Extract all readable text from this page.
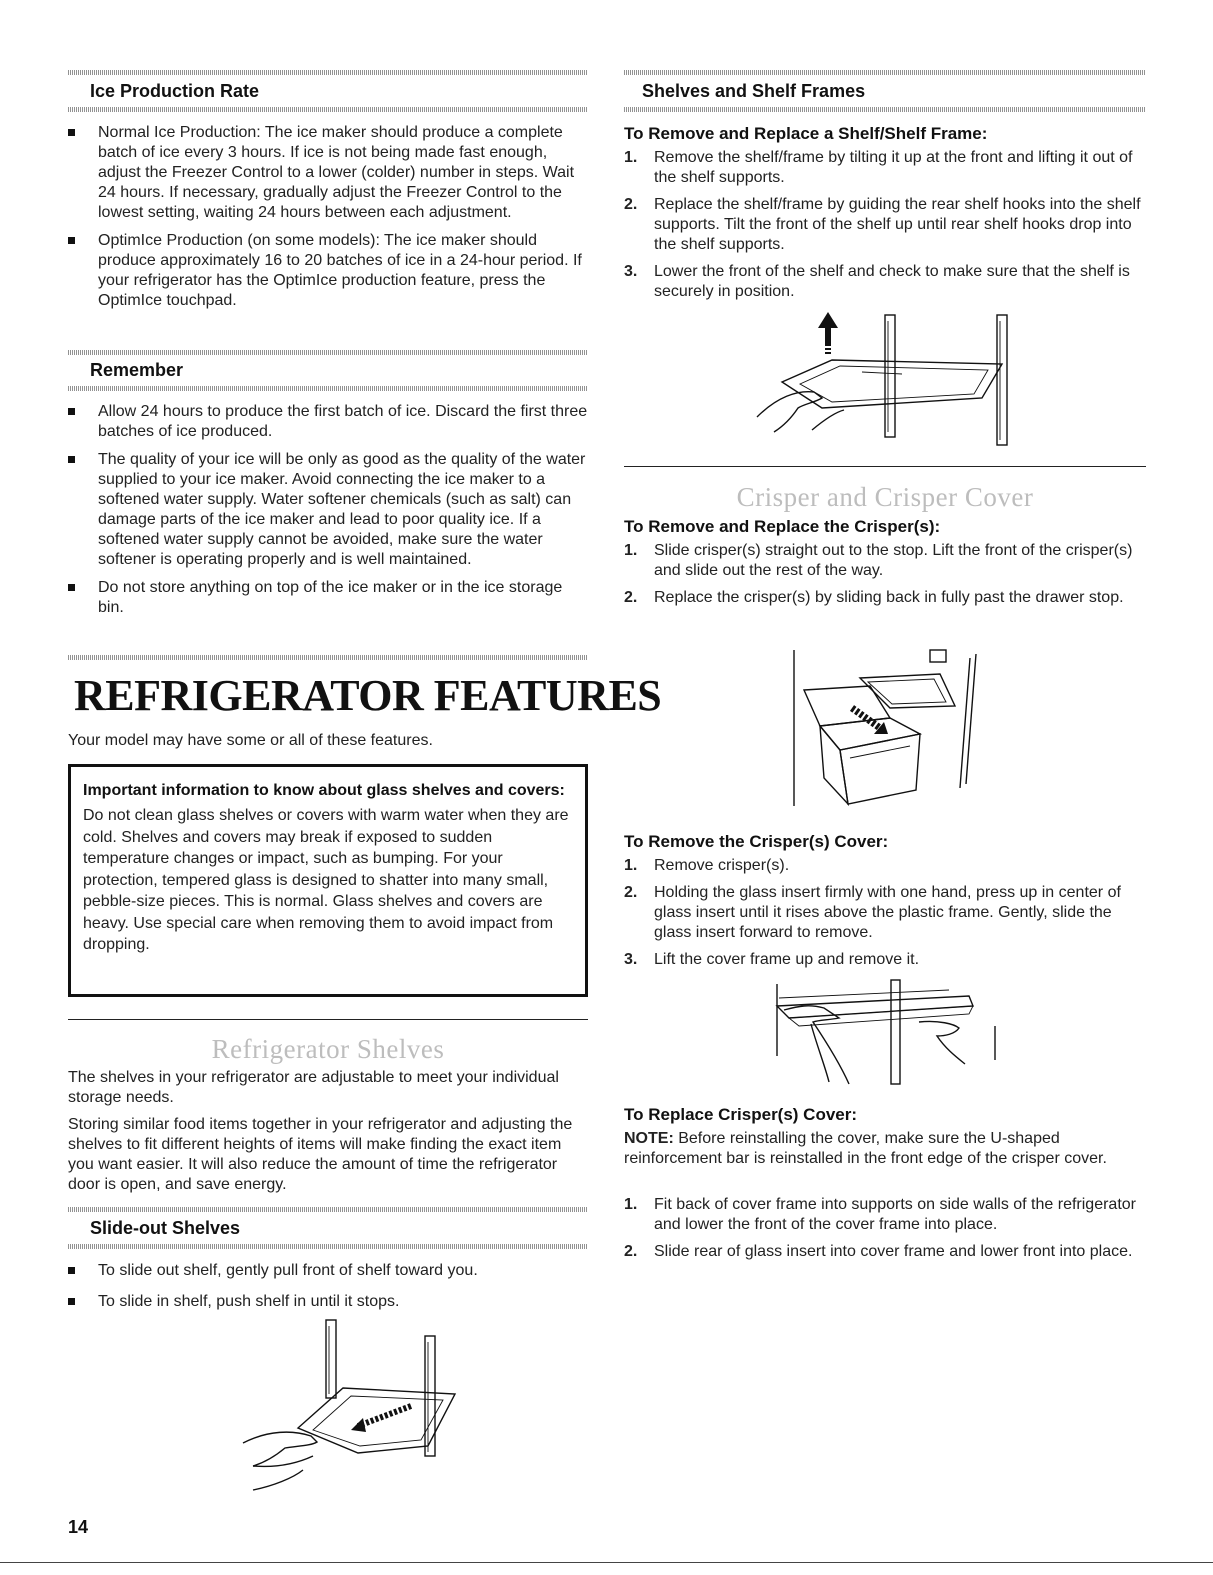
Ice Production Rate
Normal Ice Production: The ice maker should produce a complete batch of ice every 3 hours. If ice is not being made fast enough, adjust the Freezer Control to a lower (colder) number in steps. Wait 24 hours. If necessary, gradually adjust the Freezer Control to the lowest setting, waiting 24 hours between each adjustment.
OptimIce Production (on some models): The ice maker should produce approximately 16 to 20 batches of ice in a 24-hour period. If your refrigerator has the OptimIce production feature, press the OptimIce touchpad.
Remember
Allow 24 hours to produce the first batch of ice. Discard the first three batches of ice produced.
The quality of your ice will be only as good as the quality of the water supplied to your ice maker. Avoid connecting the ice maker to a softened water supply. Water softener chemicals (such as salt) can damage parts of the ice maker and lead to poor quality ice. If a softened water supply cannot be avoided, make sure the water softener is operating properly and is well maintained.
Do not store anything on top of the ice maker or in the ice storage bin.
REFRIGERATOR FEATURES
Your model may have some or all of these features.
Important information to know about glass shelves and covers:
Do not clean glass shelves or covers with warm water when they are cold. Shelves and covers may break if exposed to sudden temperature changes or impact, such as bumping. For your protection, tempered glass is designed to shatter into many small, pebble-size pieces. This is normal. Glass shelves and covers are heavy. Use special care when removing them to avoid impact from dropping.
Refrigerator Shelves
The shelves in your refrigerator are adjustable to meet your individual storage needs.
Storing similar food items together in your refrigerator and adjusting the shelves to fit different heights of items will make finding the exact item you want easier. It will also reduce the amount of time the refrigerator door is open, and save energy.
Slide-out Shelves
To slide out shelf, gently pull front of shelf toward you.
To slide in shelf, push shelf in until it stops.
14
Shelves and Shelf Frames
To Remove and Replace a Shelf/Shelf Frame:
1. Remove the shelf/frame by tilting it up at the front and lifting it out of the shelf supports.
2. Replace the shelf/frame by guiding the rear shelf hooks into the shelf supports. Tilt the front of the shelf up until rear shelf hooks drop into the shelf supports.
3. Lower the front of the shelf and check to make sure that the shelf is securely in position.
Crisper and Crisper Cover
To Remove and Replace the Crisper(s):
1. Slide crisper(s) straight out to the stop. Lift the front of the crisper(s) and slide out the rest of the way.
2. Replace the crisper(s) by sliding back in fully past the drawer stop.
To Remove the Crisper(s) Cover:
1. Remove crisper(s).
2. Holding the glass insert firmly with one hand, press up in center of glass insert until it rises above the plastic frame. Gently, slide the glass insert forward to remove.
3. Lift the cover frame up and remove it.
To Replace Crisper(s) Cover:
NOTE: Before reinstalling the cover, make sure the U-shaped reinforcement bar is reinstalled in the front edge of the crisper cover.
1. Fit back of cover frame into supports on side walls of the refrigerator and lower the front of the cover frame into place.
2. Slide rear of glass insert into cover frame and lower front into place.
